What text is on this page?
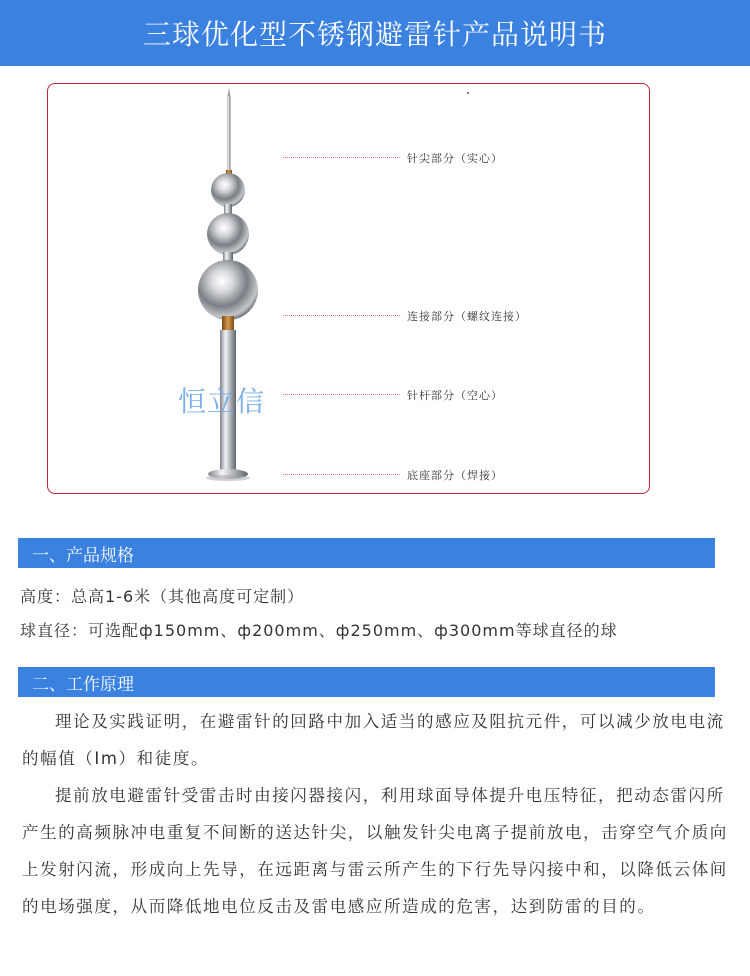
三球优化型不锈钢避雷针产品说明书
针尖部分（实心）
连接部分（螺纹连接）
针杆部分（空心）
底座部分（焊接）
恒立信
一、产品规格
高度：总高1-6米（其他高度可定制）
球直径：可选配ф150mm、ф200mm、ф250mm、ф300mm等球直径的球
二、工作原理

理论及实践证明，在避雷针的回路中加入适当的感应及阻抗元件，可以减少放电电流的幅值（Im）和徒度。

提前放电避雷针受雷击时由接闪器接闪，利用球面导体提升电压特征，把动态雷闪所产生的高频脉冲电重复不间断的送达针尖，以触发针尖电离子提前放电，击穿空气介质向上发射闪流，形成向上先导，在远距离与雷云所产生的下行先导闪接中和，以降低云体间的电场强度，从而降低地电位反击及雷电感应所造成的危害，达到防雷的目的。
